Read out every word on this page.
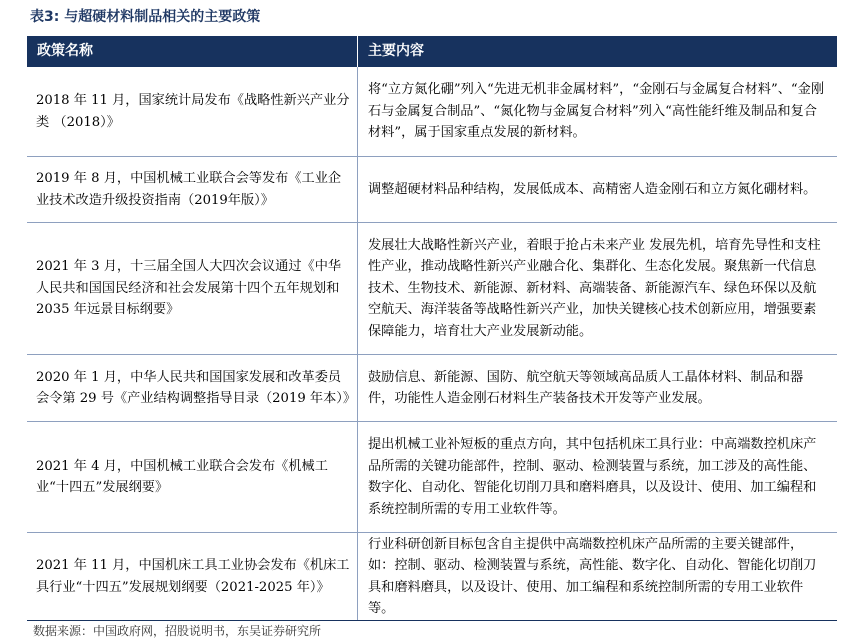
表3: 与超硬材料制品相关的主要政策
政策名称	主要内容
2018 年 11 月，国家统计局发布《战略性新兴产业分类 （2018）》
将“立方氮化硼”列入“先进无机非金属材料”，“金刚石与金属复合材料”、“金刚石与金属复合制品”、“氮化物与金属复合材料”列入“高性能纤维及制品和复合材料”，属于国家重点发展的新材料。
2019 年 8 月，中国机械工业联合会等发布《工业企业技术改造升级投资指南（2019年版）》
调整超硬材料品种结构，发展低成本、高精密人造金刚石和立方氮化硼材料。
2021 年 3 月，十三届全国人大四次会议通过《中华人民共和国国民经济和社会发展第十四个五年规划和 2035 年远景目标纲要》
发展壮大战略性新兴产业，着眼于抢占未来产业 发展先机，培育先导性和支柱性产业，推动战略性新兴产业融合化、集群化、生态化发展。聚焦新一代信息技术、生物技术、新能源、新材料、高端装备、新能源汽车、绿色环保以及航空航天、海洋装备等战略性新兴产业，加快关键核心技术创新应用，增强要素保障能力，培育壮大产业发展新动能。
2020 年 1 月，中华人民共和国国家发展和改革委员会令第 29 号《产业结构调整指导目录（2019 年本）》
鼓励信息、新能源、国防、航空航天等领域高品质人工晶体材料、制品和器件，功能性人造金刚石材料生产装备技术开发等产业发展。
2021 年 4 月，中国机械工业联合会发布《机械工业“十四五”发展纲要》
提出机械工业补短板的重点方向，其中包括机床工具行业：中高端数控机床产品所需的关键功能部件，控制、驱动、检测装置与系统，加工涉及的高性能、数字化、自动化、智能化切削刀具和磨料磨具，以及设计、使用、加工编程和系统控制所需的专用工业软件等。
2021 年 11 月，中国机床工具工业协会发布《机床工具行业“十四五”发展规划纲要（2021-2025 年）》
行业科研创新目标包含自主提供中高端数控机床产品所需的主要关键部件，如：控制、驱动、检测装置与系统，高性能、数字化、自动化、智能化切削刀具和磨料磨具，以及设计、使用、加工编程和系统控制所需的专用工业软件等。
数据来源：中国政府网，招股说明书，东吴证券研究所
